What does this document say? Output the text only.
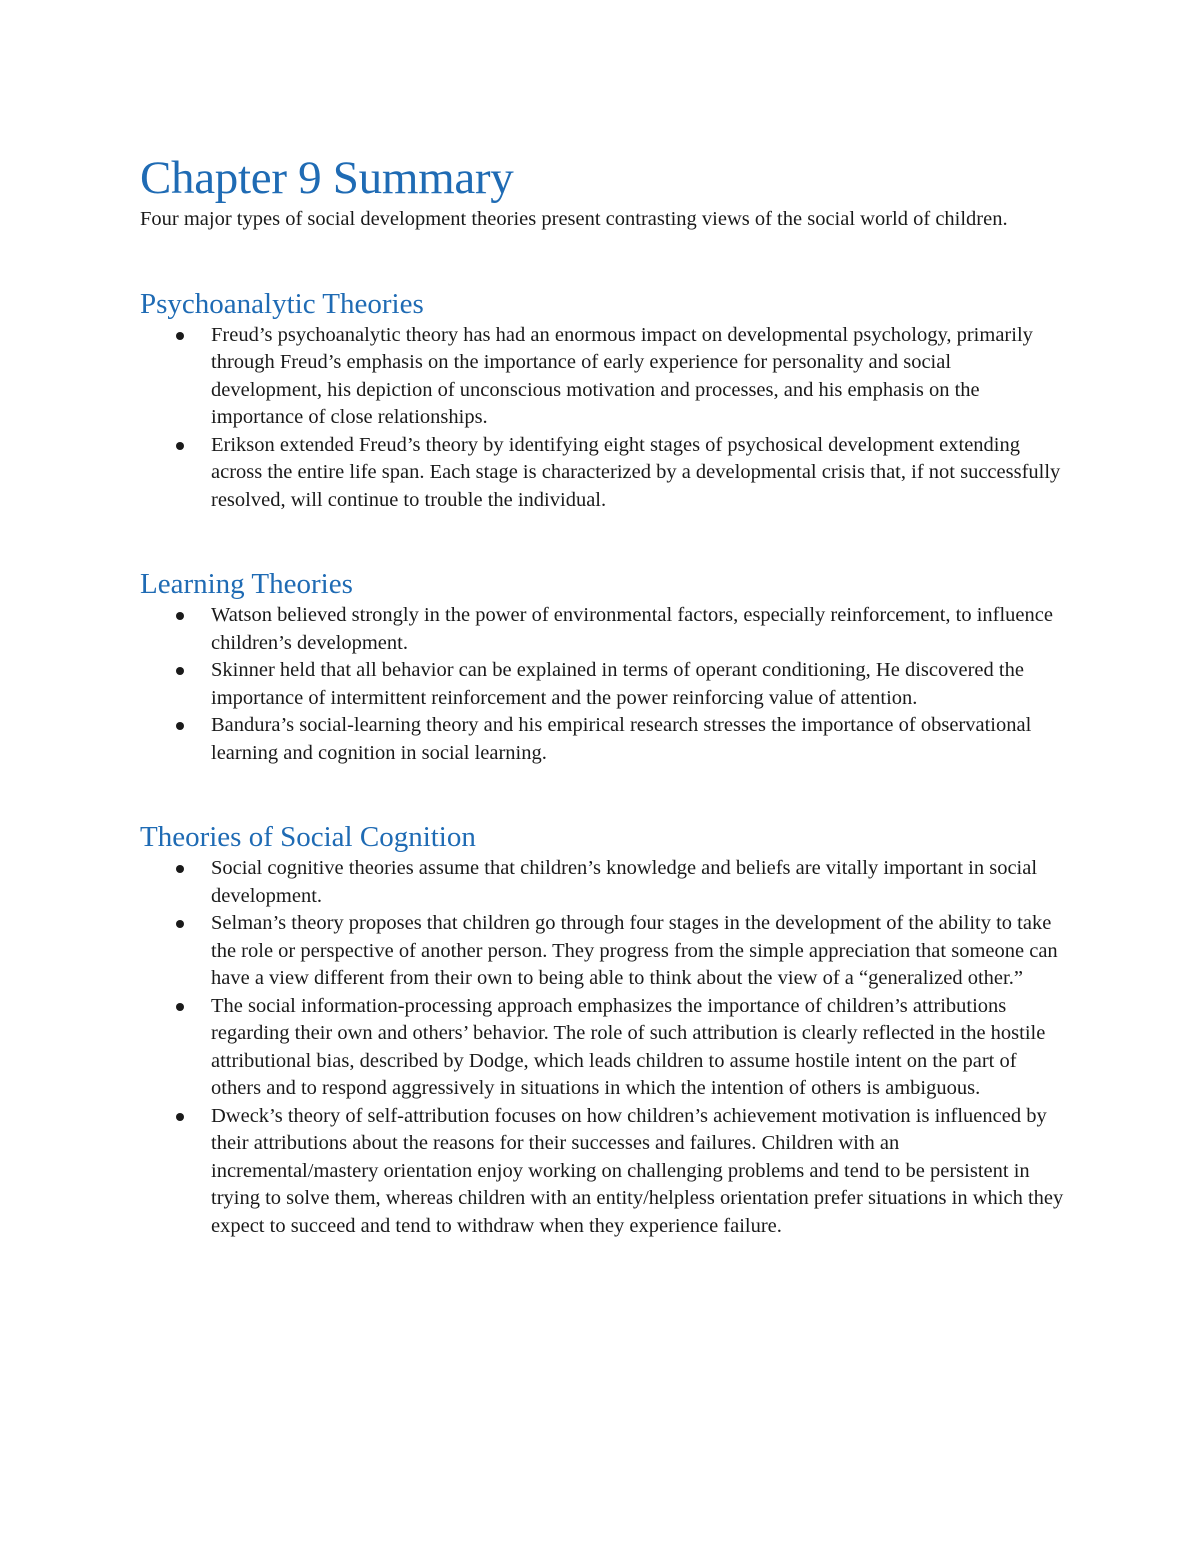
Chapter 9 Summary

Four major types of social development theories present contrasting views of the social world of children.

Psychoanalytic Theories
Freud’s psychoanalytic theory has had an enormous impact on developmental psychology, primarily through Freud’s emphasis on the importance of early experience for personality and social development, his depiction of unconscious motivation and processes, and his emphasis on the importance of close relationships.
Erikson extended Freud’s theory by identifying eight stages of psychosical development extending across the entire life span. Each stage is characterized by a developmental crisis that, if not successfully resolved, will continue to trouble the individual.
Learning Theories
Watson believed strongly in the power of environmental factors, especially reinforcement, to influence children’s development.
Skinner held that all behavior can be explained in terms of operant conditioning, He discovered the importance of intermittent reinforcement and the power reinforcing value of attention.
Bandura’s social-learning theory and his empirical research stresses the importance of observational learning and cognition in social learning.
Theories of Social Cognition
Social cognitive theories assume that children’s knowledge and beliefs are vitally important in social development.
Selman’s theory proposes that children go through four stages in the development of the ability to take the role or perspective of another person. They progress from the simple appreciation that someone can have a view different from their own to being able to think about the view of a “generalized other.”
The social information-processing approach emphasizes the importance of children’s attributions regarding their own and others’ behavior. The role of such attribution is clearly reflected in the hostile attributional bias, described by Dodge, which leads children to assume hostile intent on the part of others and to respond aggressively in situations in which the intention of others is ambiguous.
Dweck’s theory of self-attribution focuses on how children’s achievement motivation is influenced by their attributions about the reasons for their successes and failures. Children with an incremental/mastery orientation enjoy working on challenging problems and tend to be persistent in trying to solve them, whereas children with an entity/helpless orientation prefer situations in which they expect to succeed and tend to withdraw when they experience failure.
